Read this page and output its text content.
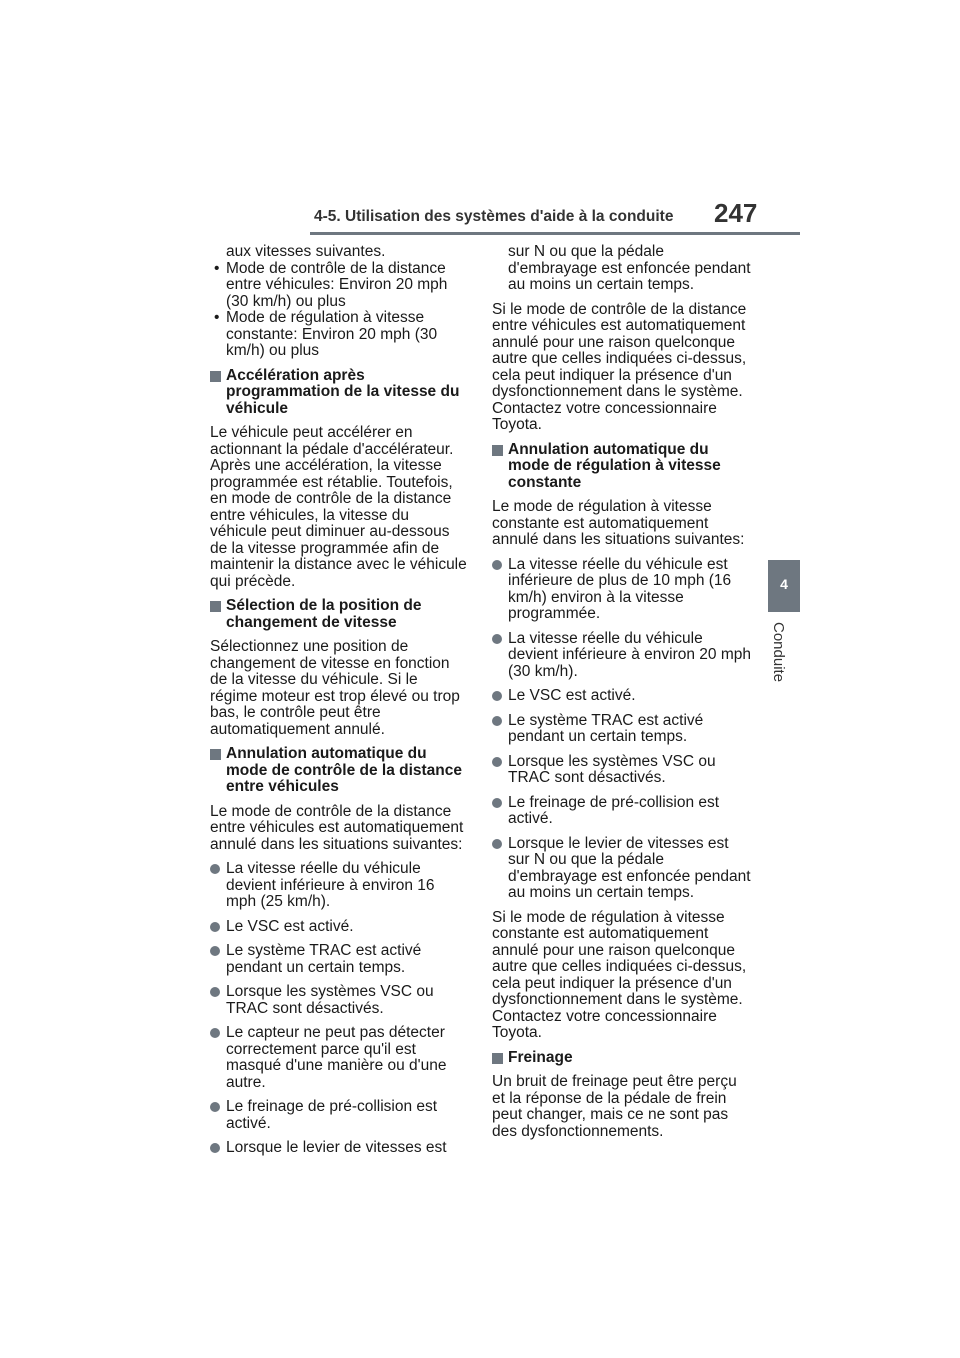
4-5. Utilisation des systèmes d'aide à la conduite 247
4
Conduite
aux vitesses suivantes.
• Mode de contrôle de la distance entre véhicules: Environ 20 mph (30 km/h) ou plus
• Mode de régulation à vitesse constante: Environ 20 mph (30 km/h) ou plus
Accélération après programmation de la vitesse du véhicule
Le véhicule peut accélérer en actionnant la pédale d'accélérateur. Après une accélération, la vitesse programmée est rétablie. Toutefois, en mode de contrôle de la distance entre véhicules, la vitesse du véhicule peut diminuer au-dessous de la vitesse programmée afin de maintenir la distance avec le véhicule qui précède.
Sélection de la position de changement de vitesse
Sélectionnez une position de changement de vitesse en fonction de la vitesse du véhicule. Si le régime moteur est trop élevé ou trop bas, le contrôle peut être automatiquement annulé.
Annulation automatique du mode de contrôle de la distance entre véhicules
Le mode de contrôle de la distance entre véhicules est automatiquement annulé dans les situations suivantes:
La vitesse réelle du véhicule devient inférieure à environ 16 mph (25 km/h).
Le VSC est activé.
Le système TRAC est activé pendant un certain temps.
Lorsque les systèmes VSC ou TRAC sont désactivés.
Le capteur ne peut pas détecter correctement parce qu'il est masqué d'une manière ou d'une autre.
Le freinage de pré-collision est activé.
Lorsque le levier de vitesses est
sur N ou que la pédale d'embrayage est enfoncée pendant au moins un certain temps.
Si le mode de contrôle de la distance entre véhicules est automatiquement annulé pour une raison quelconque autre que celles indiquées ci-dessus, cela peut indiquer la présence d'un dysfonctionnement dans le système. Contactez votre concessionnaire Toyota.
Annulation automatique du mode de régulation à vitesse constante
Le mode de régulation à vitesse constante est automatiquement annulé dans les situations suivantes:
La vitesse réelle du véhicule est inférieure de plus de 10 mph (16 km/h) environ à la vitesse programmée.
La vitesse réelle du véhicule devient inférieure à environ 20 mph (30 km/h).
Le VSC est activé.
Le système TRAC est activé pendant un certain temps.
Lorsque les systèmes VSC ou TRAC sont désactivés.
Le freinage de pré-collision est activé.
Lorsque le levier de vitesses est sur N ou que la pédale d'embrayage est enfoncée pendant au moins un certain temps.
Si le mode de régulation à vitesse constante est automatiquement annulé pour une raison quelconque autre que celles indiquées ci-dessus, cela peut indiquer la présence d'un dysfonctionnement dans le système. Contactez votre concessionnaire Toyota.
Freinage
Un bruit de freinage peut être perçu et la réponse de la pédale de frein peut changer, mais ce ne sont pas des dysfonctionnements.
